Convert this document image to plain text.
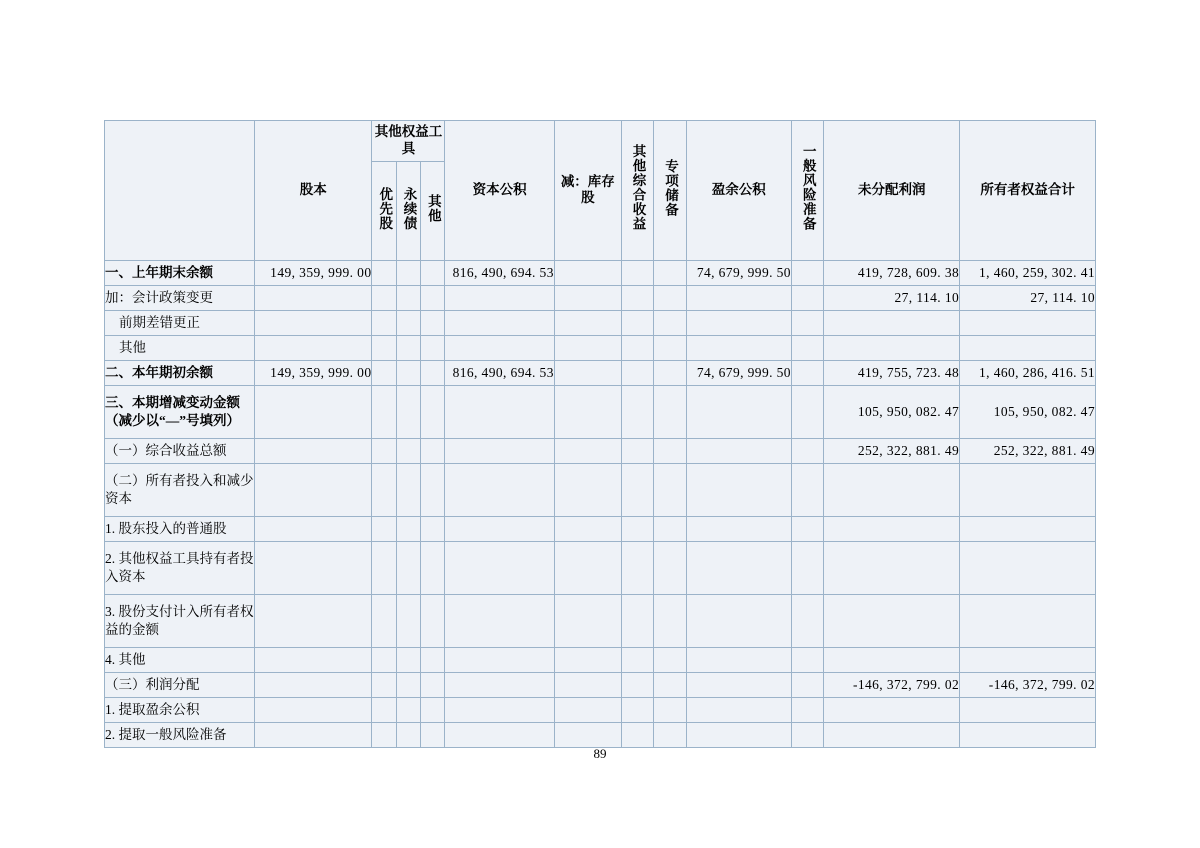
	股本	其他权益工具			资本公积	减：库存股	其他综合收益	专项储备	盈余公积	一般风险准备	未分配利润	所有者权益合计
		优先股	永续债	其他								
一、上年期末余额	149, 359, 999. 00				816, 490, 694. 53				74, 679, 999. 50		419, 728, 609. 38	1, 460, 259, 302. 41
加：会计政策变更											27, 114. 10	27, 114. 10
前期差错更正												
其他												
二、本年期初余额	149, 359, 999. 00				816, 490, 694. 53				74, 679, 999. 50		419, 755, 723. 48	1, 460, 286, 416. 51
三、本期增减变动金额（减少以“—”号填列）											105, 950, 082. 47	105, 950, 082. 47
（一）综合收益总额											252, 322, 881. 49	252, 322, 881. 49
（二）所有者投入和减少资本												
1. 股东投入的普通股												
2. 其他权益工具持有者投入资本												
3. 股份支付计入所有者权益的金额												
4. 其他												
（三）利润分配											-146, 372, 799. 02	-146, 372, 799. 02
1. 提取盈余公积												
2. 提取一般风险准备												
89
